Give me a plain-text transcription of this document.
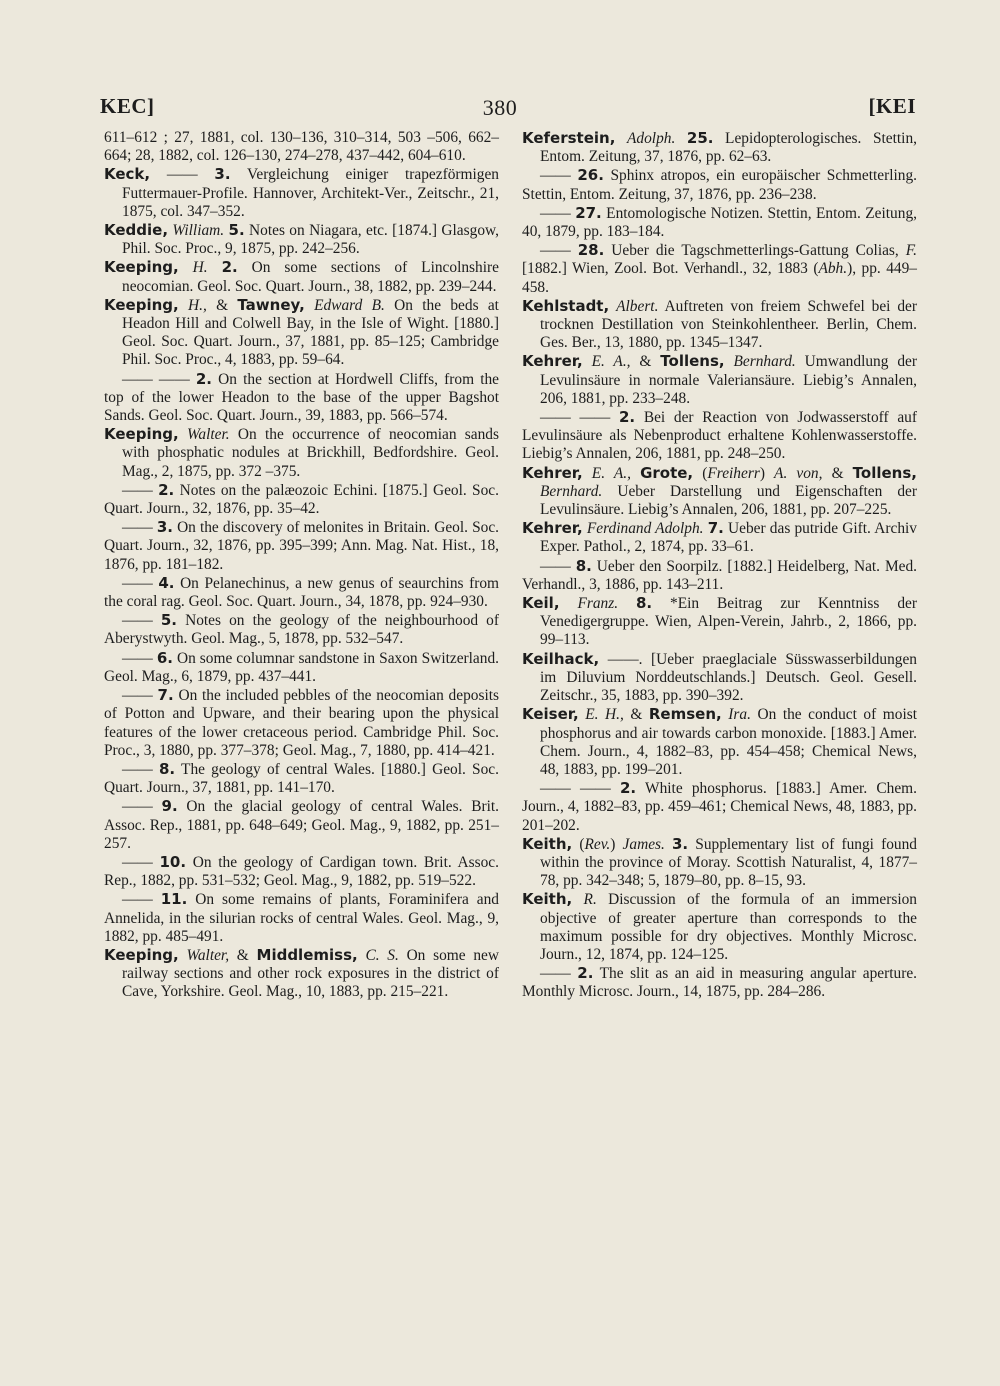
KEC]	380	[KEI
611–612 ; 27, 1881, col. 130–136, 310–314, 503 –506, 662–664; 28, 1882, col. 126–130, 274–278, 437–442, 604–610.
Keck, —— 3. Vergleichung einiger trapezförmigen Futtermauer-Profile. Hannover, Architekt-Ver., Zeitschr., 21, 1875, col. 347–352.
Keddie, William. 5. Notes on Niagara, etc. [1874.] Glasgow, Phil. Soc. Proc., 9, 1875, pp. 242–256.
Keeping, H. 2. On some sections of Lincolnshire neocomian. Geol. Soc. Quart. Journ., 38, 1882, pp. 239–244.
Keeping, H., & Tawney, Edward B. On the beds at Headon Hill and Colwell Bay, in the Isle of Wight. [1880.] Geol. Soc. Quart. Journ., 37, 1881, pp. 85–125; Cambridge Phil. Soc. Proc., 4, 1883, pp. 59–64.
—— —— 2. On the section at Hordwell Cliffs, from the top of the lower Headon to the base of the upper Bagshot Sands. Geol. Soc. Quart. Journ., 39, 1883, pp. 566–574.
Keeping, Walter. On the occurrence of neocomian sands with phosphatic nodules at Brickhill, Bedfordshire. Geol. Mag., 2, 1875, pp. 372 –375.
—— 2. Notes on the palæozoic Echini. [1875.] Geol. Soc. Quart. Journ., 32, 1876, pp. 35–42.
—— 3. On the discovery of melonites in Britain. Geol. Soc. Quart. Journ., 32, 1876, pp. 395–399; Ann. Mag. Nat. Hist., 18, 1876, pp. 181–182.
—— 4. On Pelanechinus, a new genus of seaurchins from the coral rag. Geol. Soc. Quart. Journ., 34, 1878, pp. 924–930.
—— 5. Notes on the geology of the neighbourhood of Aberystwyth. Geol. Mag., 5, 1878, pp. 532–547.
—— 6. On some columnar sandstone in Saxon Switzerland. Geol. Mag., 6, 1879, pp. 437–441.
—— 7. On the included pebbles of the neocomian deposits of Potton and Upware, and their bearing upon the physical features of the lower cretaceous period. Cambridge Phil. Soc. Proc., 3, 1880, pp. 377–378; Geol. Mag., 7, 1880, pp. 414–421.
—— 8. The geology of central Wales. [1880.] Geol. Soc. Quart. Journ., 37, 1881, pp. 141–170.
—— 9. On the glacial geology of central Wales. Brit. Assoc. Rep., 1881, pp. 648–649; Geol. Mag., 9, 1882, pp. 251–257.
—— 10. On the geology of Cardigan town. Brit. Assoc. Rep., 1882, pp. 531–532; Geol. Mag., 9, 1882, pp. 519–522.
—— 11. On some remains of plants, Foraminifera and Annelida, in the silurian rocks of central Wales. Geol. Mag., 9, 1882, pp. 485–491.
Keeping, Walter, & Middlemiss, C. S. On some new railway sections and other rock exposures in the district of Cave, Yorkshire. Geol. Mag., 10, 1883, pp. 215–221.
Keferstein, Adolph. 25. Lepidopterologisches. Stettin, Entom. Zeitung, 37, 1876, pp. 62–63.
—— 26. Sphinx atropos, ein europäischer Schmetterling. Stettin, Entom. Zeitung, 37, 1876, pp. 236–238.
—— 27. Entomologische Notizen. Stettin, Entom. Zeitung, 40, 1879, pp. 183–184.
—— 28. Ueber die Tagschmetterlings-Gattung Colias, F. [1882.] Wien, Zool. Bot. Verhandl., 32, 1883 (Abh.), pp. 449–458.
Kehlstadt, Albert. Auftreten von freiem Schwefel bei der trocknen Destillation von Steinkohlentheer. Berlin, Chem. Ges. Ber., 13, 1880, pp. 1345–1347.
Kehrer, E. A., & Tollens, Bernhard. Umwandlung der Levulinsäure in normale Valeriansäure. Liebig’s Annalen, 206, 1881, pp. 233–248.
—— —— 2. Bei der Reaction von Jodwasserstoff auf Levulinsäure als Nebenproduct erhaltene Kohlenwasserstoffe. Liebig’s Annalen, 206, 1881, pp. 248–250.
Kehrer, E. A., Grote, (Freiherr) A. von, & Tollens, Bernhard. Ueber Darstellung und Eigenschaften der Levulinsäure. Liebig’s Annalen, 206, 1881, pp. 207–225.
Kehrer, Ferdinand Adolph. 7. Ueber das putride Gift. Archiv Exper. Pathol., 2, 1874, pp. 33–61.
—— 8. Ueber den Soorpilz. [1882.] Heidelberg, Nat. Med. Verhandl., 3, 1886, pp. 143–211.
Keil, Franz. 8. *Ein Beitrag zur Kenntniss der Venedigergruppe. Wien, Alpen-Verein, Jahrb., 2, 1866, pp. 99–113.
Keilhack, ——. [Ueber praeglaciale Süsswasserbildungen im Diluvium Norddeutschlands.] Deutsch. Geol. Gesell. Zeitschr., 35, 1883, pp. 390–392.
Keiser, E. H., & Remsen, Ira. On the conduct of moist phosphorus and air towards carbon monoxide. [1883.] Amer. Chem. Journ., 4, 1882–83, pp. 454–458; Chemical News, 48, 1883, pp. 199–201.
—— —— 2. White phosphorus. [1883.] Amer. Chem. Journ., 4, 1882–83, pp. 459–461; Chemical News, 48, 1883, pp. 201–202.
Keith, (Rev.) James. 3. Supplementary list of fungi found within the province of Moray. Scottish Naturalist, 4, 1877–78, pp. 342–348; 5, 1879–80, pp. 8–15, 93.
Keith, R. Discussion of the formula of an immersion objective of greater aperture than corresponds to the maximum possible for dry objectives. Monthly Microsc. Journ., 12, 1874, pp. 124–125.
—— 2. The slit as an aid in measuring angular aperture. Monthly Microsc. Journ., 14, 1875, pp. 284–286.
